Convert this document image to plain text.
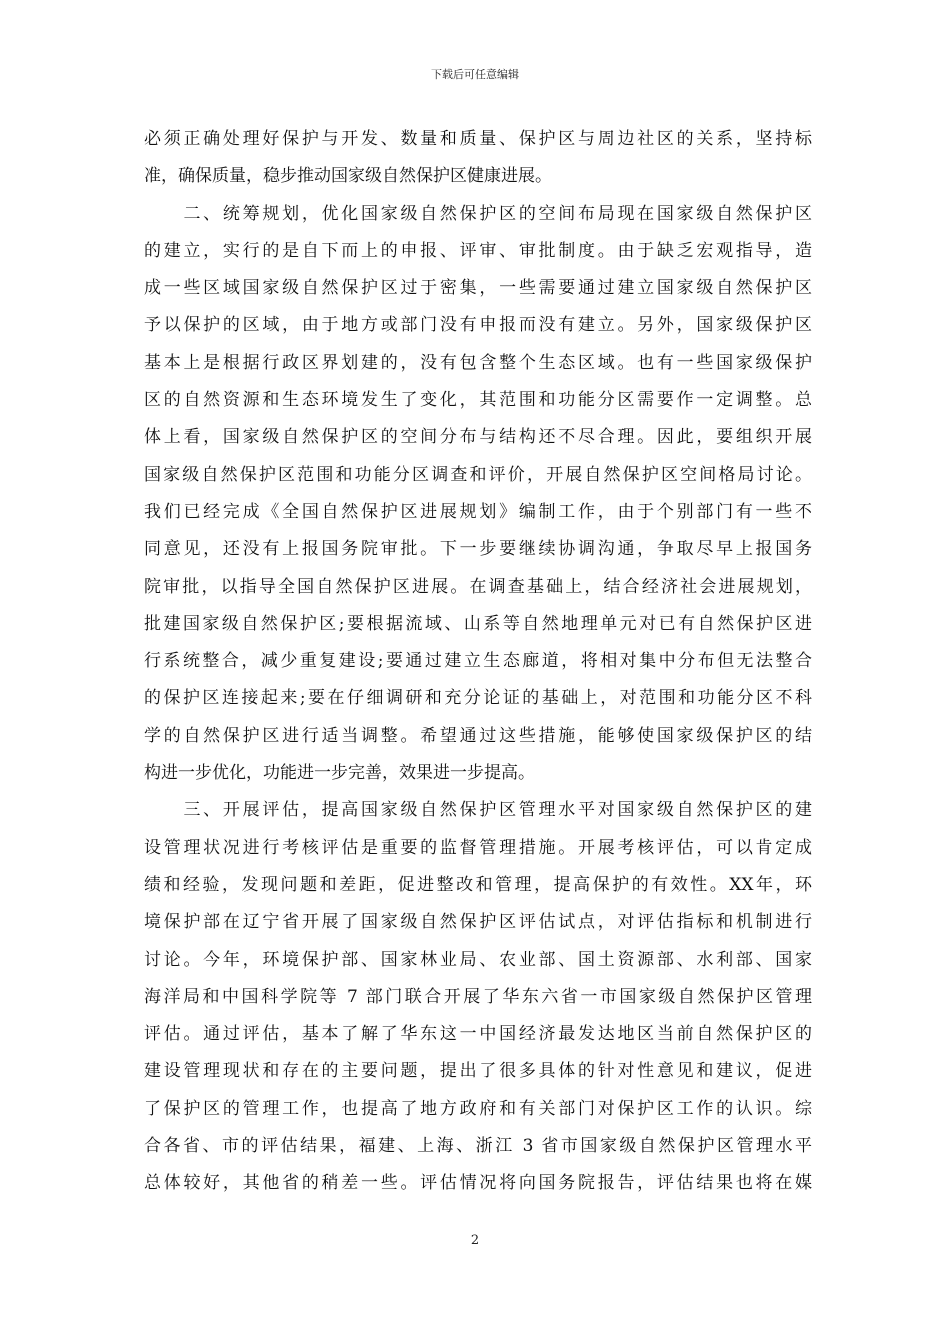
下载后可任意编辑
必须正确处理好保护与开发、数量和质量、保护区与周边社区的关系，坚持标
准，确保质量，稳步推动国家级自然保护区健康进展。
　　二、统筹规划，优化国家级自然保护区的空间布局现在国家级自然保护区
的建立，实行的是自下而上的申报、评审、审批制度。由于缺乏宏观指导，造
成一些区域国家级自然保护区过于密集，一些需要通过建立国家级自然保护区
予以保护的区域，由于地方或部门没有申报而没有建立。另外，国家级保护区
基本上是根据行政区界划建的，没有包含整个生态区域。也有一些国家级保护
区的自然资源和生态环境发生了变化，其范围和功能分区需要作一定调整。总
体上看，国家级自然保护区的空间分布与结构还不尽合理。因此，要组织开展
国家级自然保护区范围和功能分区调查和评价，开展自然保护区空间格局讨论。
我们已经完成《全国自然保护区进展规划》编制工作，由于个别部门有一些不
同意见，还没有上报国务院审批。下一步要继续协调沟通，争取尽早上报国务
院审批，以指导全国自然保护区进展。在调查基础上，结合经济社会进展规划，
批建国家级自然保护区;要根据流域、山系等自然地理单元对已有自然保护区进
行系统整合，减少重复建设;要通过建立生态廊道，将相对集中分布但无法整合
的保护区连接起来;要在仔细调研和充分论证的基础上，对范围和功能分区不科
学的自然保护区进行适当调整。希望通过这些措施，能够使国家级保护区的结
构进一步优化，功能进一步完善，效果进一步提高。
　　三、开展评估，提高国家级自然保护区管理水平对国家级自然保护区的建
设管理状况进行考核评估是重要的监督管理措施。开展考核评估，可以肯定成
绩和经验，发现问题和差距，促进整改和管理，提高保护的有效性。XX年，环
境保护部在辽宁省开展了国家级自然保护区评估试点，对评估指标和机制进行
讨论。今年，环境保护部、国家林业局、农业部、国土资源部、水利部、国家
海洋局和中国科学院等 7 部门联合开展了华东六省一市国家级自然保护区管理
评估。通过评估，基本了解了华东这一中国经济最发达地区当前自然保护区的
建设管理现状和存在的主要问题，提出了很多具体的针对性意见和建议，促进
了保护区的管理工作，也提高了地方政府和有关部门对保护区工作的认识。综
合各省、市的评估结果，福建、上海、浙江 3 省市国家级自然保护区管理水平
总体较好，其他省的稍差一些。评估情况将向国务院报告，评估结果也将在媒
2
